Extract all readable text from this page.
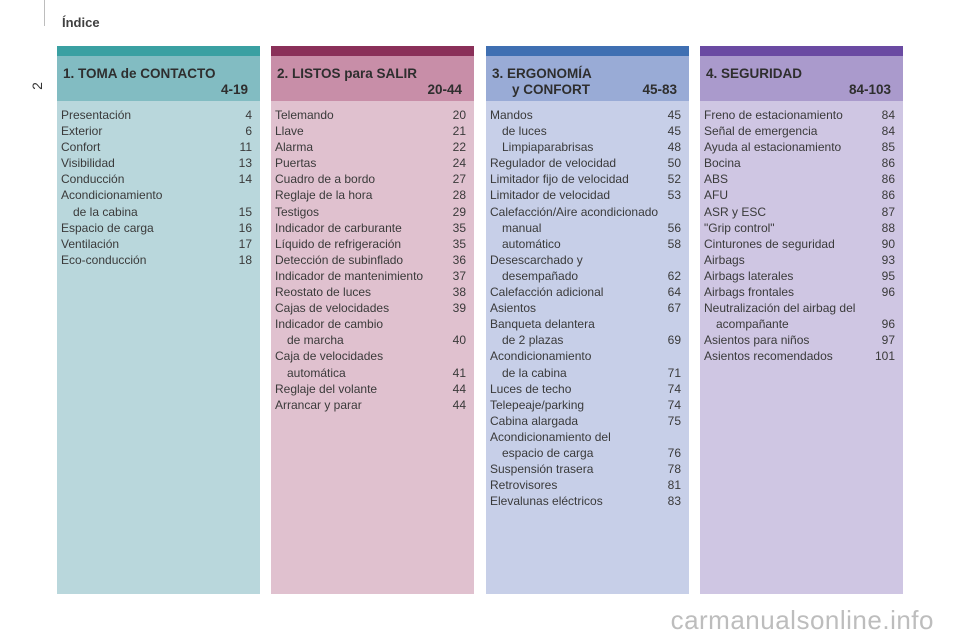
Índice
2
1. TOMA de CONTACTO
4-19
Presentación	4
Exterior	6
Confort	11
Visibilidad	13
Conducción	14
Acondicionamiento
de la cabina	15
Espacio de carga	16
Ventilación	17
Eco-conducción	18
2. LISTOS para SALIR
20-44
Telemando	20
Llave	21
Alarma	22
Puertas	24
Cuadro de a bordo	27
Reglaje de la hora	28
Testigos	29
Indicador de carburante	35
Líquido de refrigeración	35
Detección de subinflado	36
Indicador de mantenimiento 37
Reostato de luces	38
Cajas de velocidades	39
Indicador de cambio
de marcha	40
Caja de velocidades
automática	41
Reglaje del volante	44
Arrancar y parar	44
3. ERGONOMÍA
y CONFORT	45-83
Mandos	45
de luces	45
Limpiaparabrisas	48
Regulador de velocidad	50
Limitador fijo de velocidad	52
Limitador de velocidad	53
Calefacción/Aire acondicionado
manual	56
automático	58
Desescarchado y
desempañado	62
Calefacción adicional	64
Asientos	67
Banqueta delantera
de 2 plazas	69
Acondicionamiento
de la cabina	71
Luces de techo	74
Telepeaje/parking	74
Cabina alargada	75
Acondicionamiento del
espacio de carga	76
Suspensión trasera	78
Retrovisores	81
Elevalunas eléctricos	83
4. SEGURIDAD
84-103
Freno de estacionamiento	84
Señal de emergencia	84
Ayuda al estacionamiento	85
Bocina	86
ABS	86
AFU	86
ASR y ESC	87
"Grip control"	88
Cinturones de seguridad	90
Airbags	93
Airbags laterales	95
Airbags frontales	96
Neutralización del airbag del
acompañante	96
Asientos para niños	97
Asientos recomendados	101
carmanualsonline.info
